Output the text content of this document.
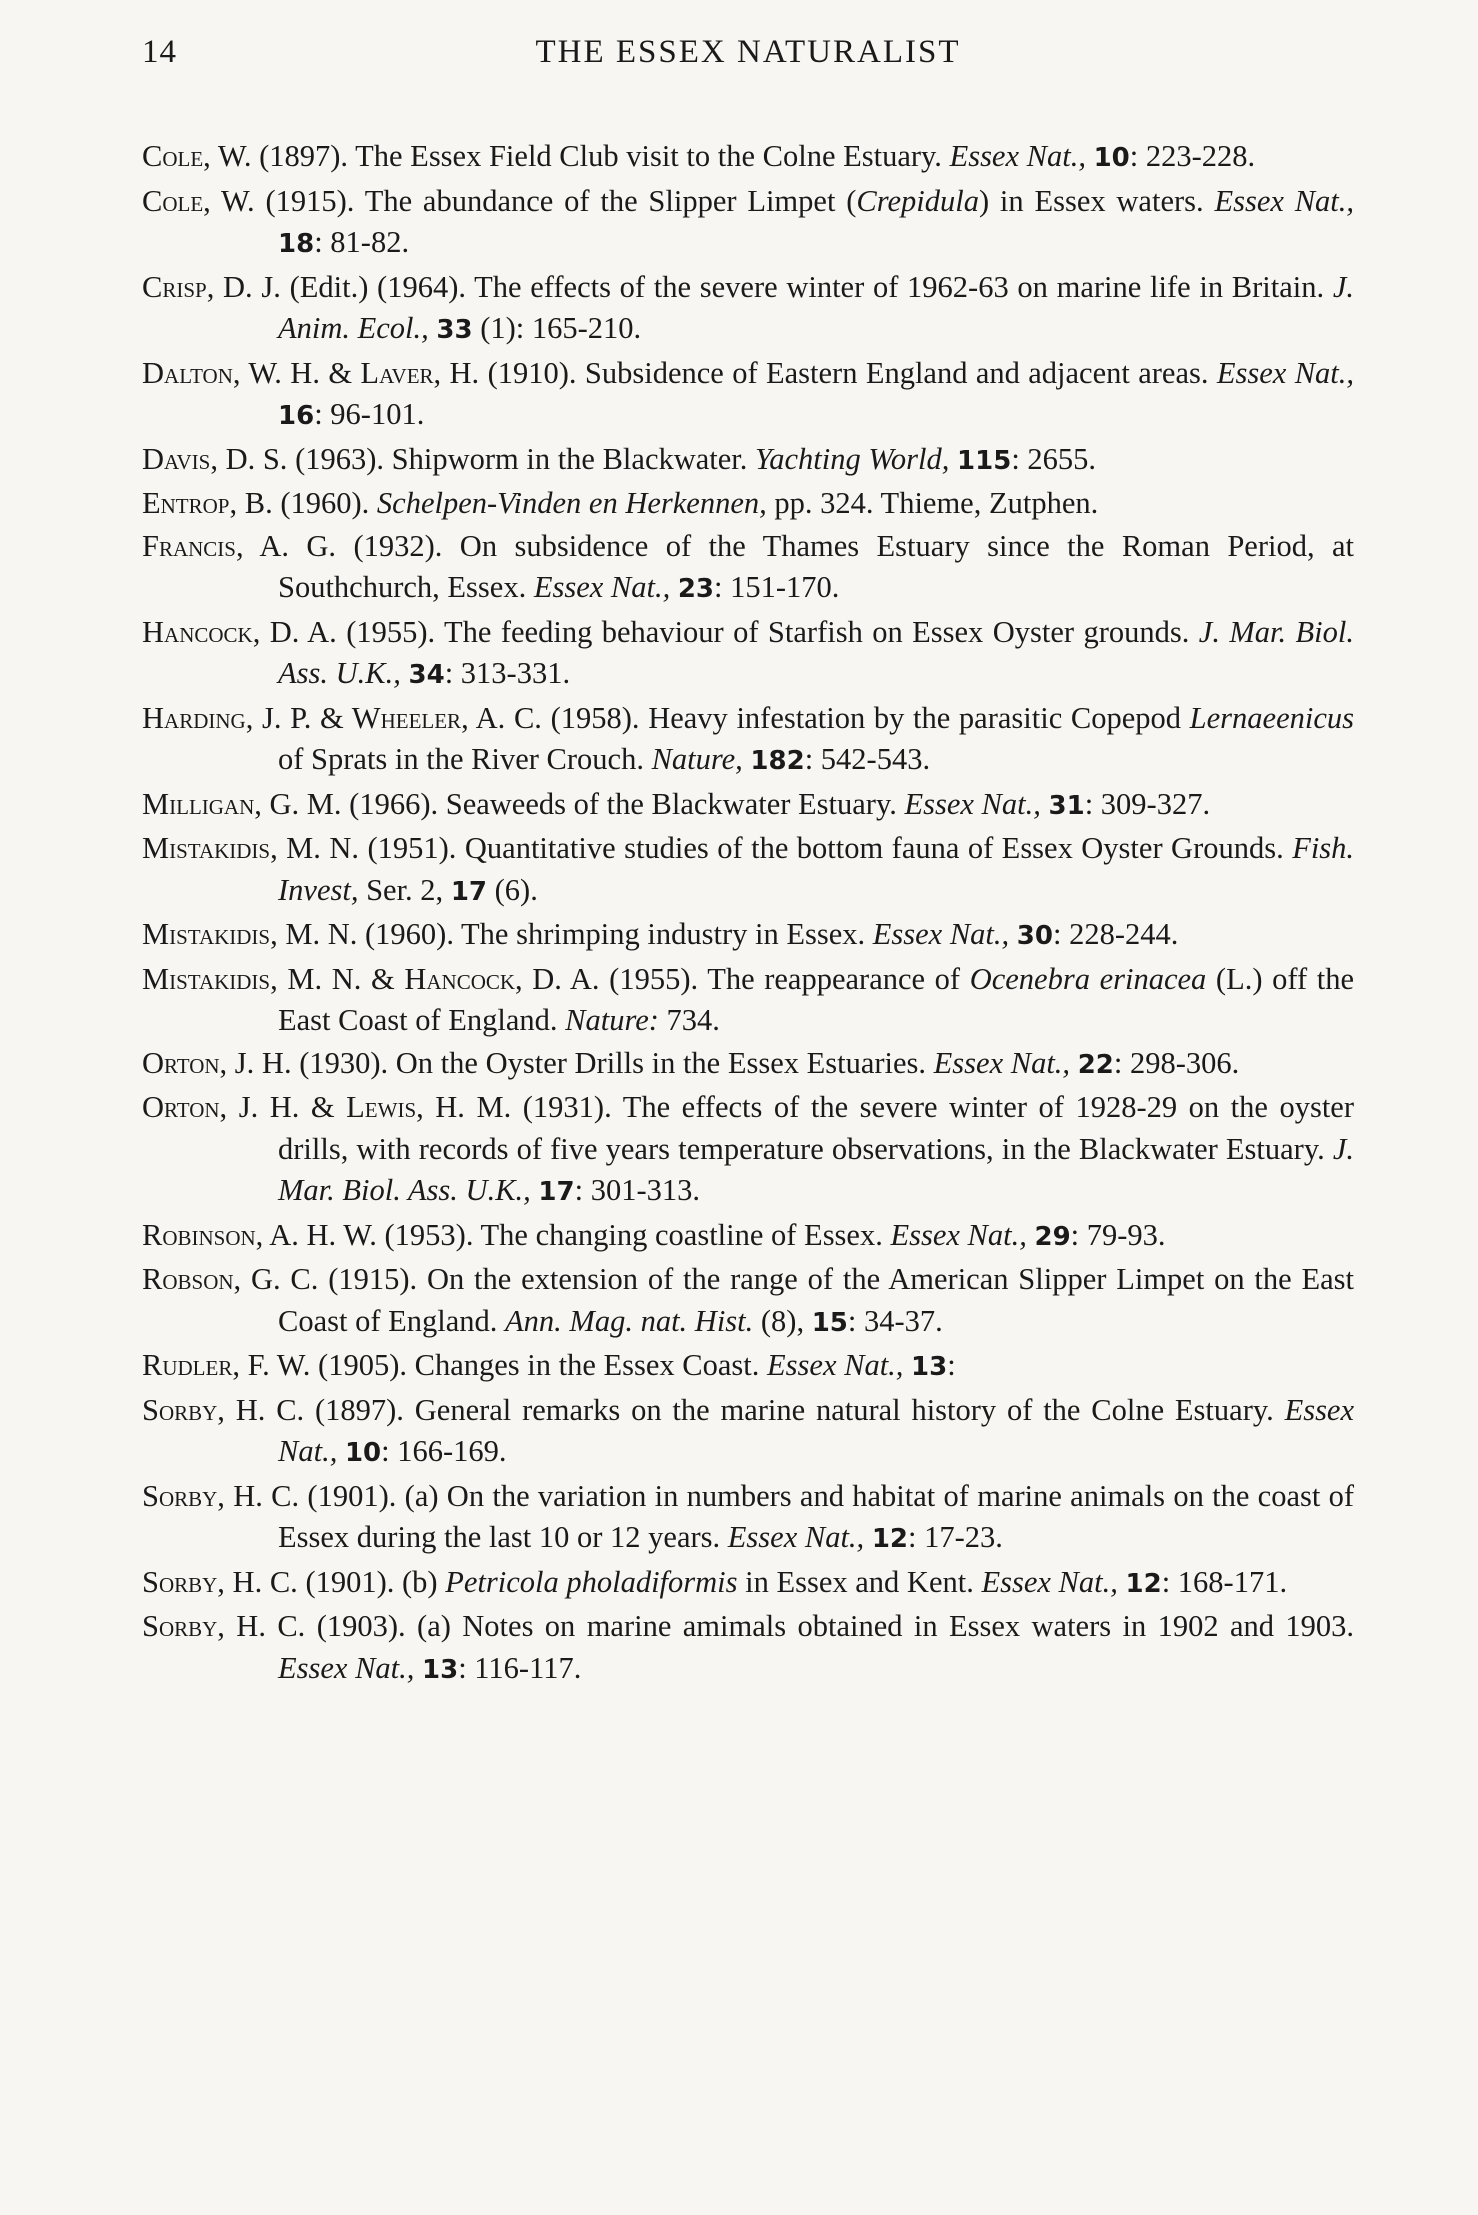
14	THE ESSEX NATURALIST

Cole, W. (1897). The Essex Field Club visit to the Colne Estuary. Essex Nat., 10: 223-228.

Cole, W. (1915). The abundance of the Slipper Limpet (Crepidula) in Essex waters. Essex Nat., 18: 81-82.

Crisp, D. J. (Edit.) (1964). The effects of the severe winter of 1962-63 on marine life in Britain. J. Anim. Ecol., 33 (1): 165-210.

Dalton, W. H. & Laver, H. (1910). Subsidence of Eastern England and adjacent areas. Essex Nat., 16: 96-101.

Davis, D. S. (1963). Shipworm in the Blackwater. Yachting World, 115: 2655.

Entrop, B. (1960). Schelpen-Vinden en Herkennen, pp. 324. Thieme, Zutphen.

Francis, A. G. (1932). On subsidence of the Thames Estuary since the Roman Period, at Southchurch, Essex. Essex Nat., 23: 151-170.

Hancock, D. A. (1955). The feeding behaviour of Starfish on Essex Oyster grounds. J. Mar. Biol. Ass. U.K., 34: 313-331.

Harding, J. P. & Wheeler, A. C. (1958). Heavy infestation by the parasitic Copepod Lernaeenicus of Sprats in the River Crouch. Nature, 182: 542-543.

Milligan, G. M. (1966). Seaweeds of the Blackwater Estuary. Essex Nat., 31: 309-327.

Mistakidis, M. N. (1951). Quantitative studies of the bottom fauna of Essex Oyster Grounds. Fish. Invest, Ser. 2, 17 (6).

Mistakidis, M. N. (1960). The shrimping industry in Essex. Essex Nat., 30: 228-244.

Mistakidis, M. N. & Hancock, D. A. (1955). The reappearance of Ocenebra erinacea (L.) off the East Coast of England. Nature: 734.

Orton, J. H. (1930). On the Oyster Drills in the Essex Estuaries. Essex Nat., 22: 298-306.

Orton, J. H. & Lewis, H. M. (1931). The effects of the severe winter of 1928-29 on the oyster drills, with records of five years temperature observations, in the Blackwater Estuary. J. Mar. Biol. Ass. U.K., 17: 301-313.

Robinson, A. H. W. (1953). The changing coastline of Essex. Essex Nat., 29: 79-93.

Robson, G. C. (1915). On the extension of the range of the American Slipper Limpet on the East Coast of England. Ann. Mag. nat. Hist. (8), 15: 34-37.

Rudler, F. W. (1905). Changes in the Essex Coast. Essex Nat., 13:

Sorby, H. C. (1897). General remarks on the marine natural history of the Colne Estuary. Essex Nat., 10: 166-169.

Sorby, H. C. (1901). (a) On the variation in numbers and habitat of marine animals on the coast of Essex during the last 10 or 12 years. Essex Nat., 12: 17-23.

Sorby, H. C. (1901). (b) Petricola pholadiformis in Essex and Kent. Essex Nat., 12: 168-171.

Sorby, H. C. (1903). (a) Notes on marine amimals obtained in Essex waters in 1902 and 1903. Essex Nat., 13: 116-117.
